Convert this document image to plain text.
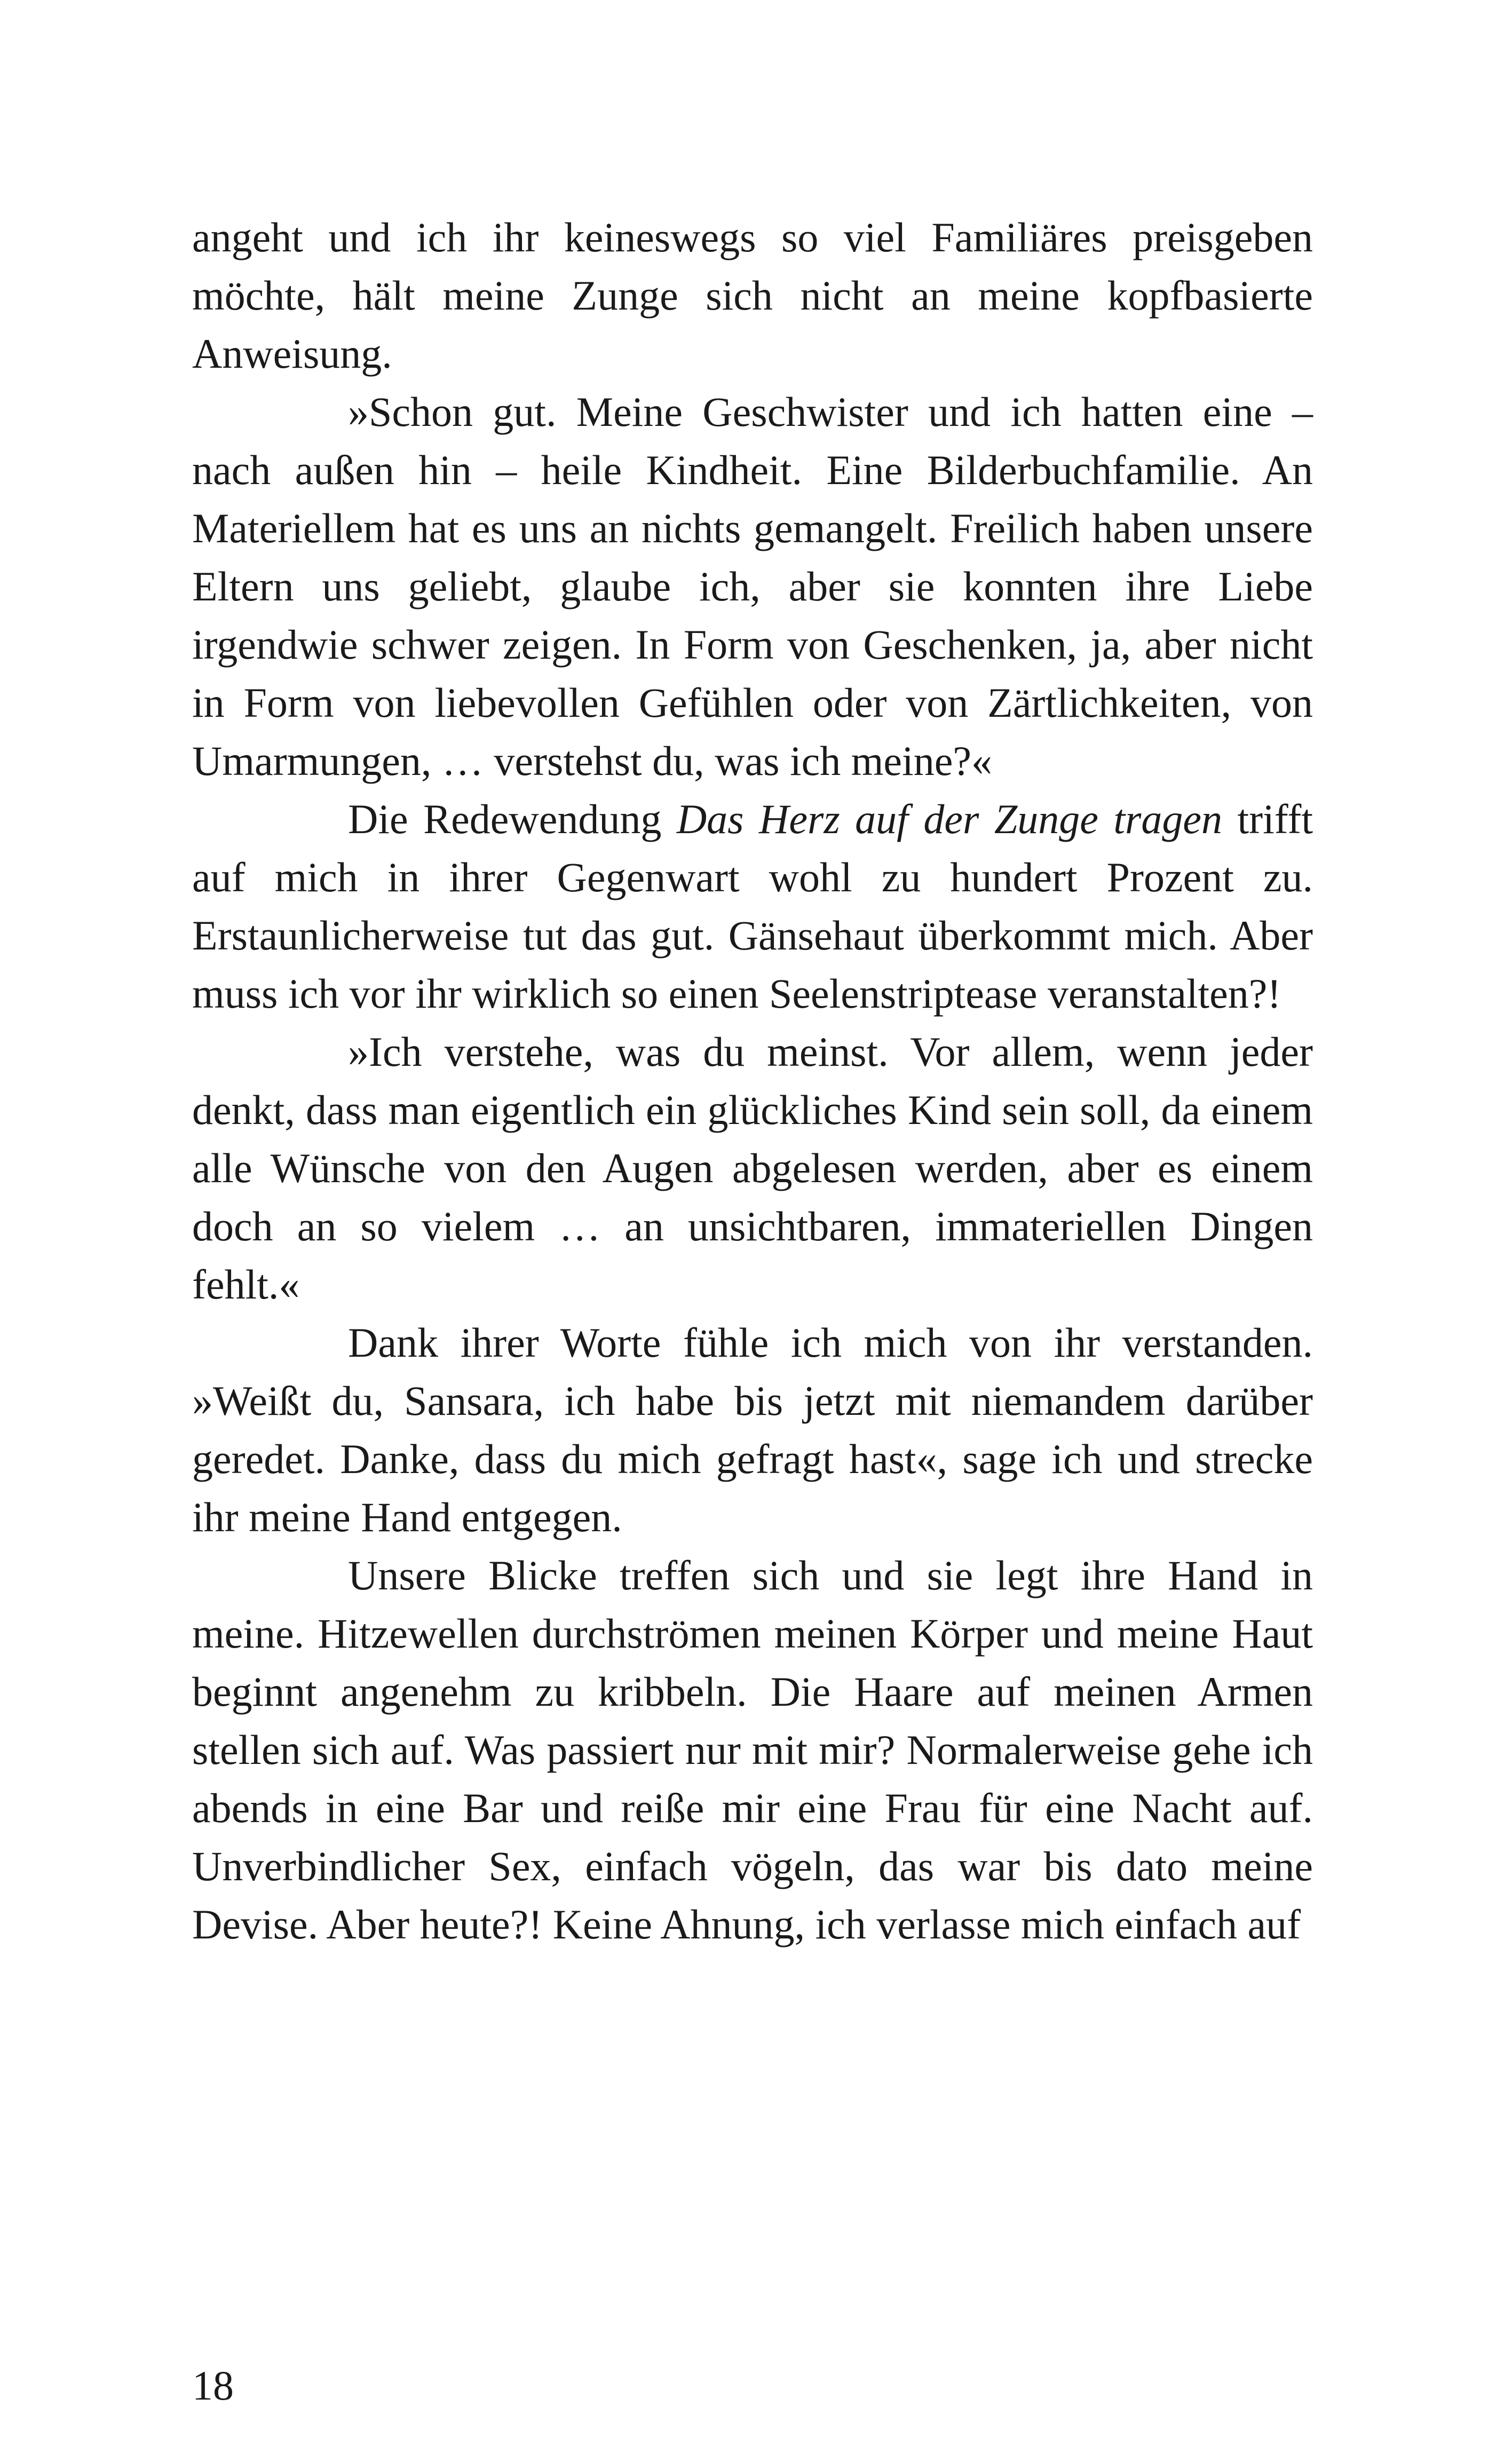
angeht und ich ihr keineswegs so viel Familiäres preisgeben möchte, hält meine Zunge sich nicht an meine kopfbasierte Anweisung.

»Schon gut. Meine Geschwister und ich hatten eine – nach außen hin – heile Kindheit. Eine Bilderbuchfamilie. An Materiellem hat es uns an nichts gemangelt. Freilich haben unsere Eltern uns geliebt, glaube ich, aber sie konnten ihre Liebe irgendwie schwer zeigen. In Form von Geschenken, ja, aber nicht in Form von liebevollen Gefühlen oder von Zärtlichkeiten, von Umarmungen, … verstehst du, was ich meine?«

Die Redewendung Das Herz auf der Zunge tragen trifft auf mich in ihrer Gegenwart wohl zu hundert Prozent zu. Erstaunlicherweise tut das gut. Gänsehaut überkommt mich. Aber muss ich vor ihr wirklich so einen Seelenstriptease veranstalten?!

»Ich verstehe, was du meinst. Vor allem, wenn jeder denkt, dass man eigentlich ein glückliches Kind sein soll, da einem alle Wünsche von den Augen abgelesen werden, aber es einem doch an so vielem … an unsichtbaren, immateriellen Dingen fehlt.«

Dank ihrer Worte fühle ich mich von ihr verstanden. »Weißt du, Sansara, ich habe bis jetzt mit niemandem darüber geredet. Danke, dass du mich gefragt hast«, sage ich und strecke ihr meine Hand entgegen.

Unsere Blicke treffen sich und sie legt ihre Hand in meine. Hitzewellen durchströmen meinen Körper und meine Haut beginnt angenehm zu kribbeln. Die Haare auf meinen Armen stellen sich auf. Was passiert nur mit mir? Normalerweise gehe ich abends in eine Bar und reiße mir eine Frau für eine Nacht auf. Unverbindlicher Sex, einfach vögeln, das war bis dato meine Devise. Aber heute?! Keine Ahnung, ich verlasse mich einfach auf

18
